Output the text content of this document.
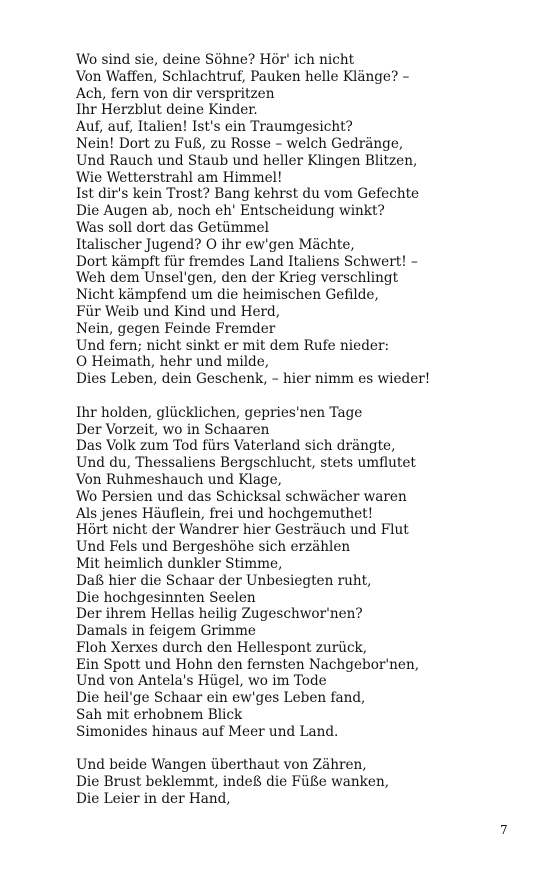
Wo sind sie, deine Söhne? Hör' ich nicht
Von Waffen, Schlachtruf, Pauken helle Klänge? –
Ach, fern von dir verspritzen
Ihr Herzblut deine Kinder.
Auf, auf, Italien! Ist's ein Traumgesicht?
Nein! Dort zu Fuß, zu Rosse – welch Gedränge,
Und Rauch und Staub und heller Klingen Blitzen,
Wie Wetterstrahl am Himmel!
Ist dir's kein Trost? Bang kehrst du vom Gefechte
Die Augen ab, noch eh' Entscheidung winkt?
Was soll dort das Getümmel
Italischer Jugend? O ihr ew'gen Mächte,
Dort kämpft für fremdes Land Italiens Schwert! –
Weh dem Unsel'gen, den der Krieg verschlingt
Nicht kämpfend um die heimischen Gefilde,
Für Weib und Kind und Herd,
Nein, gegen Feinde Fremder
Und fern; nicht sinkt er mit dem Rufe nieder:
O Heimath, hehr und milde,
Dies Leben, dein Geschenk, – hier nimm es wieder!
Ihr holden, glücklichen, gepries'nen Tage
Der Vorzeit, wo in Schaaren
Das Volk zum Tod fürs Vaterland sich drängte,
Und du, Thessaliens Bergschlucht, stets umflutet
Von Ruhmeshauch und Klage,
Wo Persien und das Schicksal schwächer waren
Als jenes Häuflein, frei und hochgemuthet!
Hört nicht der Wandrer hier Gesträuch und Flut
Und Fels und Bergeshöhe sich erzählen
Mit heimlich dunkler Stimme,
Daß hier die Schaar der Unbesiegten ruht,
Die hochgesinnten Seelen
Der ihrem Hellas heilig Zugeschwor'nen?
Damals in feigem Grimme
Floh Xerxes durch den Hellespont zurück,
Ein Spott und Hohn den fernsten Nachgebor'nen,
Und von Antela's Hügel, wo im Tode
Die heil'ge Schaar ein ew'ges Leben fand,
Sah mit erhobnem Blick
Simonides hinaus auf Meer und Land.
Und beide Wangen überthaut von Zähren,
Die Brust beklemmt, indeß die Füße wanken,
Die Leier in der Hand,
7
